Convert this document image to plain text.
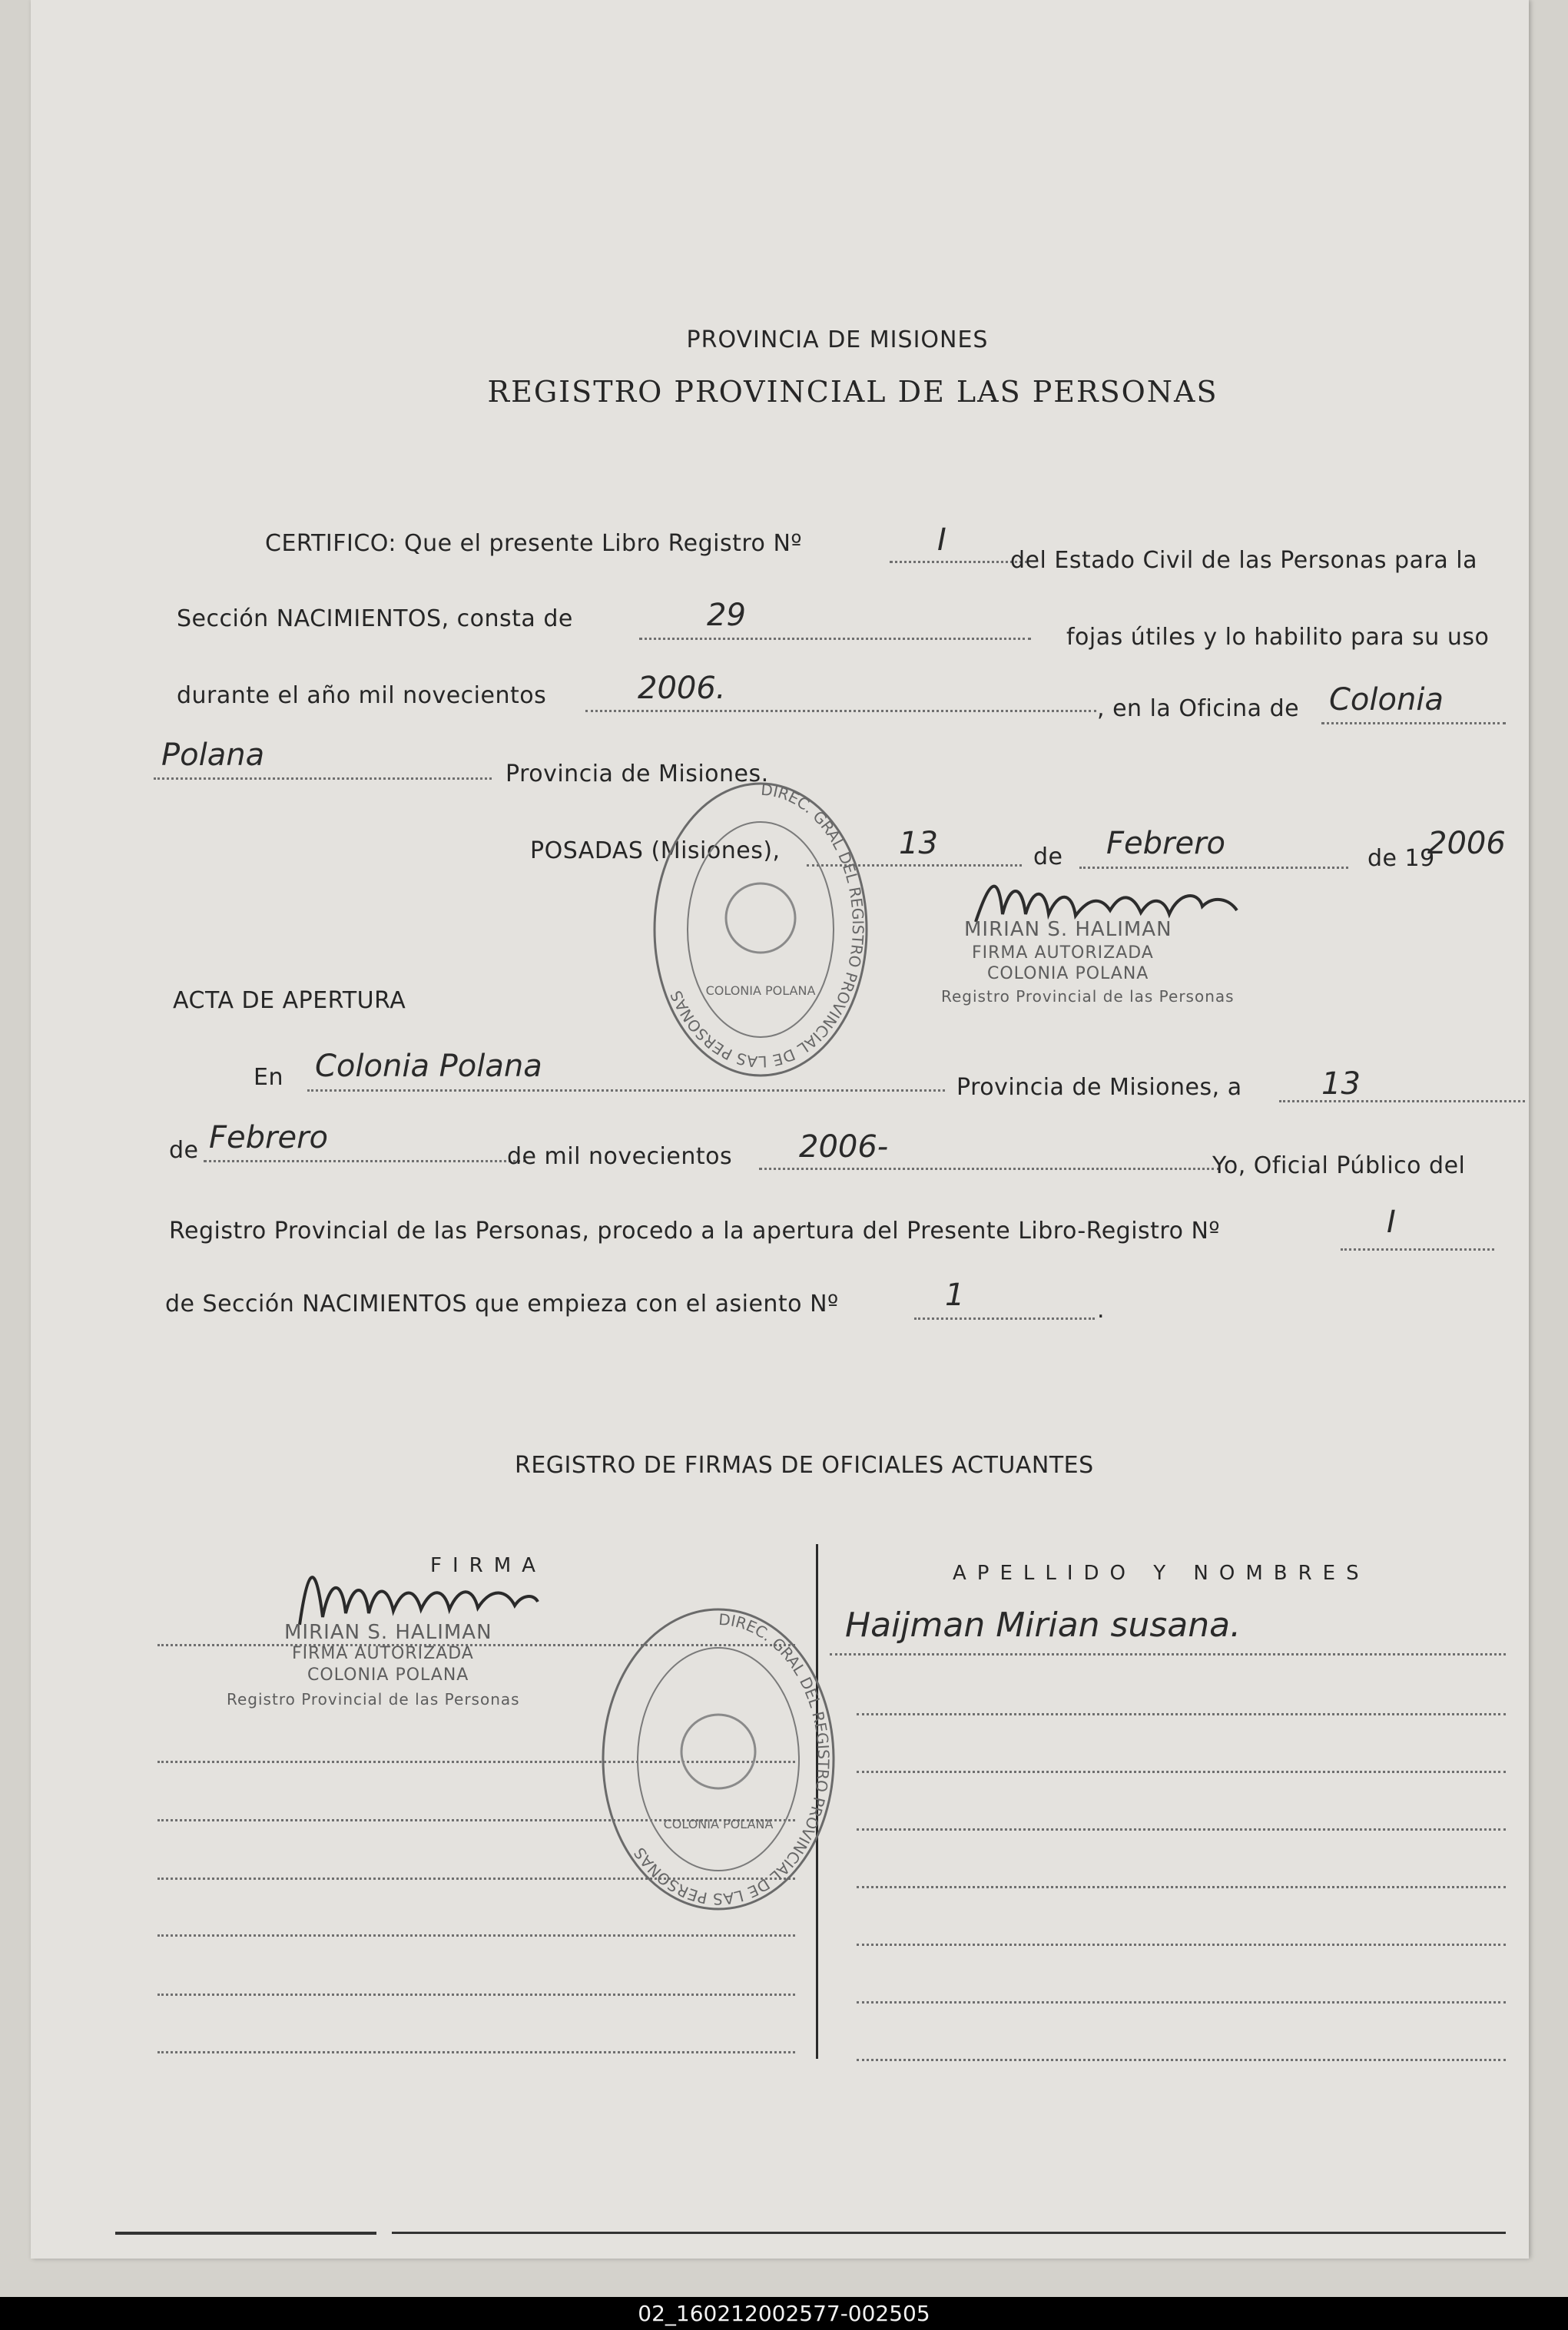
PROVINCIA DE MISIONES
REGISTRO PROVINCIAL DE LAS PERSONAS
CERTIFICO: Que el presente Libro Registro Nº	I
del Estado Civil de las Personas para la
Sección NACIMIENTOS, consta de	29
fojas útiles y lo habilito para su uso
durante el año mil novecientos	2006.
, en la Oficina de Colonia
Polana
Provincia de Misiones.
POSADAS (Misiones),	13	de Febrero	de 19
2006
MIRIAN S. HALIMAN
FIRMA AUTORIZADA
COLONIA POLANA
Registro Provincial de las Personas
DIREC. GRAL DEL REGISTRO PROVINCIAL DE LAS PERSONAS	COLONIA POLANA
ACTA DE APERTURA
En Colonia Polana
Provincia de Misiones, a	13
de Febrero
de mil novecientos 2006-
Yo, Oficial Público del
Registro Provincial de las Personas, procedo a la apertura del Presente Libro-Registro Nº	I
de Sección NACIMIENTOS que empieza con el asiento Nº	1	.
REGISTRO DE FIRMAS DE OFICIALES ACTUANTES
FIRMA	APELLIDO Y NOMBRES
Haijman Mirian susana.
MIRIAN S. HALIMAN
FIRMA AUTORIZADA
COLONIA POLANA
Registro Provincial de las Personas
DIREC. GRAL DEL REGISTRO PROVINCIAL DE LAS PERSONAS
COLONIA POLANA
02_160212002577-002505
